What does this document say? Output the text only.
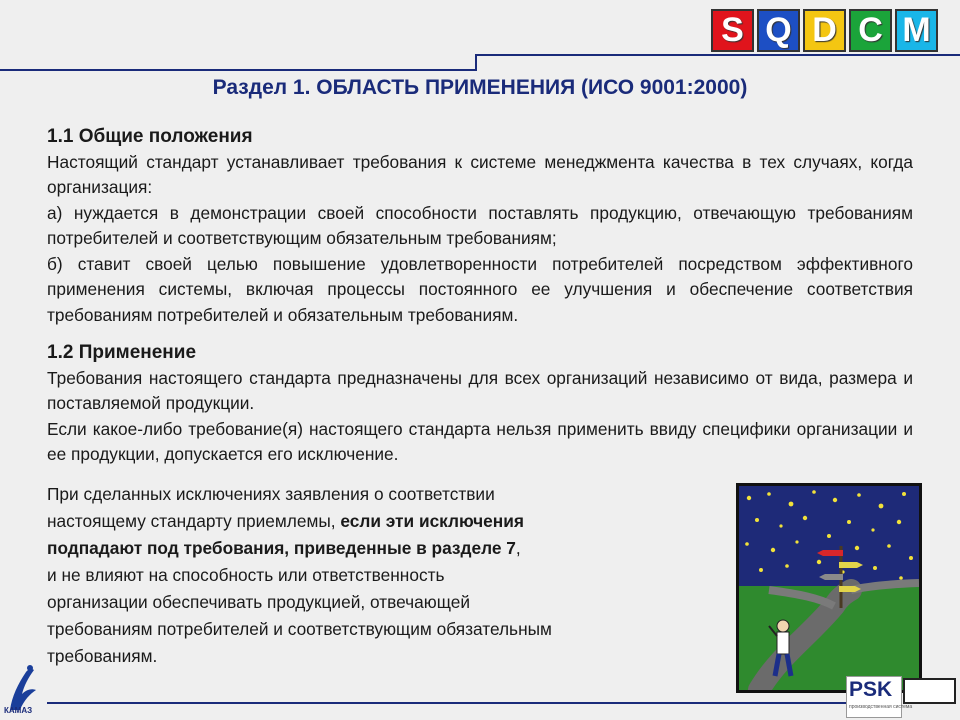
S Q D C M
Раздел 1. ОБЛАСТЬ ПРИМЕНЕНИЯ (ИСО 9001:2000)
1.1 Общие положения

Настоящий стандарт устанавливает требования к системе менеджмента качества в тех случаях, когда организация:

а) нуждается в демонстрации своей способности поставлять продукцию, отвечающую требованиям потребителей и соответствующим обязательным требованиям;

б) ставит своей целью повышение удовлетворенности потребителей посредством эффективного применения системы, включая процессы постоянного ее улучшения и обеспечение соответствия требованиям потребителей и обязательным требованиям.

1.2 Применение

Требования настоящего стандарта предназначены для всех организаций независимо от вида, размера и поставляемой продукции.

Если какое-либо требование(я) настоящего стандарта нельзя применить ввиду специфики организации и ее продукции, допускается его исключение.

При сделанных исключениях заявления о соответствии
настоящему стандарту приемлемы, если эти исключения
подпадают под требования, приведенные в разделе 7,
и не влияют на способность или ответственность
организации обеспечивать продукцией, отвечающей
требованиям потребителей и соответствующим обязательным
требованиям.
КАМАЗ
PSK
производственная система
